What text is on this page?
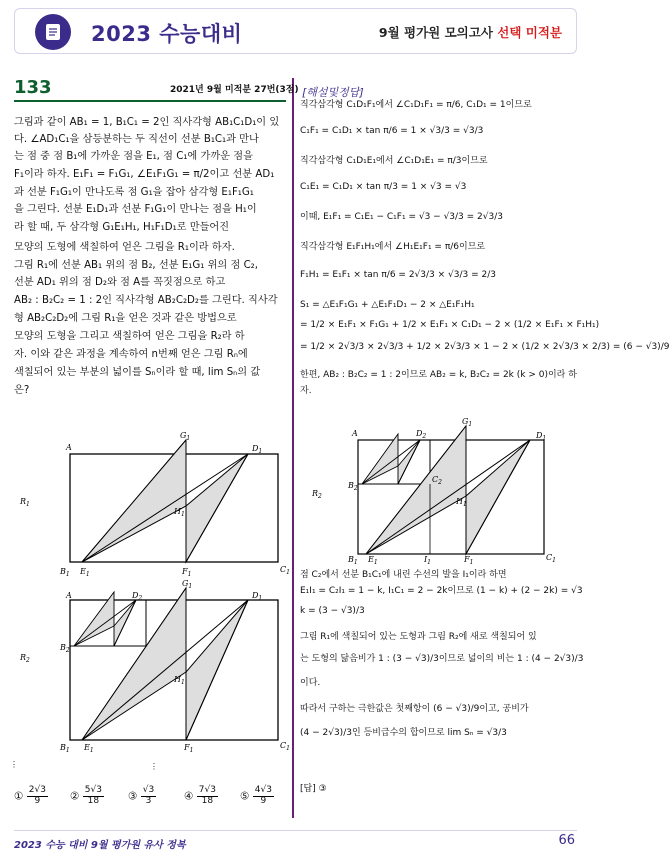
2023 수능대비	9월 평가원 모의고사 선택 미적분
133	2021년 9월 미적분 27번(3점)
그림과 같이 AB₁ = 1, B₁C₁ = 2인 직사각형 AB₁C₁D₁이 있
다. ∠AD₁C₁을 삼등분하는 두 직선이 선분 B₁C₁과 만나
는 점 중 점 B₁에 가까운 점을 E₁, 점 C₁에 가까운 점을
F₁이라 하자. E₁F₁ = F₁G₁, ∠E₁F₁G₁ = π/2이고 선분 AD₁
과 선분 F₁G₁이 만나도록 점 G₁을 잡아 삼각형 E₁F₁G₁
을 그린다. 선분 E₁D₁과 선분 F₁G₁이 만나는 점을 H₁이
라 할 때, 두 삼각형 G₁E₁H₁, H₁F₁D₁로 만들어진
모양의 도형에 색칠하여 얻은 그림을 R₁이라 하자.
그림 R₁에 선분 AB₁ 위의 점 B₂, 선분 E₁G₁ 위의 점 C₂,
선분 AD₁ 위의 점 D₂와 점 A를 꼭짓점으로 하고
AB₂ : B₂C₂ = 1 : 2인 직사각형 AB₂C₂D₂를 그린다. 직사각
형 AB₂C₂D₂에 그림 R₁을 얻은 것과 같은 방법으로
모양의 도형을 그리고 색칠하여 얻은 그림을 R₂라 하
자. 이와 같은 과정을 계속하여 n번째 얻은 그림 Rₙ에
색칠되어 있는 부분의 넓이를 Sₙ이라 할 때, lim Sₙ의 값
은?
A
$G_1$
$D_1$
$H_1$
$B_1$ $E_1$	$F_1$
$C_1$
$R_1$
A	$D_2$
$G_1$
$D_1$
$B_2$
$H_1$
$B_1$ $E_1$	$F_1$
$C_1$
$R_2$
⋮	⋮
① $\frac{2√3}{9}$ ② $\frac{5√3}{18}$ ③ $\frac{√3}{3}$	④ $\frac{7√3}{18}$ ⑤ $\frac{4√3}{9}$
[해설및정답]
직각삼각형 C₁D₁F₁에서 ∠C₁D₁F₁ = π/6, C₁D₁ = 1이므로
C₁F₁ = C₁D₁ × tan π/6 = 1 × √3/3 = √3/3
직각삼각형 C₁D₁E₁에서 ∠C₁D₁E₁ = π/3이므로
C₁E₁ = C₁D₁ × tan π/3 = 1 × √3 = √3
이때, E₁F₁ = C₁E₁ − C₁F₁ = √3 − √3/3 = 2√3/3
직각삼각형 E₁F₁H₁에서 ∠H₁E₁F₁ = π/6이므로
F₁H₁ = E₁F₁ × tan π/6 = 2√3/3 × √3/3 = 2/3
S₁ = △E₁F₁G₁ + △E₁F₁D₁ − 2 × △E₁F₁H₁
= 1/2 × E₁F₁ × F₁G₁ + 1/2 × E₁F₁ × C₁D₁ − 2 × (1/2 × E₁F₁ × F₁H₁)
= 1/2 × 2√3/3 × 2√3/3 + 1/2 × 2√3/3 × 1 − 2 × (1/2 × 2√3/3 × 2/3) = (6 − √3)/9
한편, AB₂ : B₂C₂ = 1 : 2이므로 AB₂ = k, B₂C₂ = 2k (k > 0)이라 하
자.
점 C₂에서 선분 B₁C₁에 내린 수선의 발을 I₁이라 하면
E₁I₁ = C₂I₁ = 1 − k, I₁C₁ = 2 − 2k이므로 (1 − k) + (2 − 2k) = √3
k = (3 − √3)/3
그림 R₁에 색칠되어 있는 도형과 그림 R₂에 새로 색칠되어 있
는 도형의 닮음비가 1 : (3 − √3)/3이므로 넓이의 비는 1 : (4 − 2√3)/3
이다.
따라서 구하는 극한값은 첫째항이 (6 − √3)/9이고, 공비가
(4 − 2√3)/3인 등비급수의 합이므로 lim Sₙ = √3/3
[답] ③
A	$D_2$
$G_1$
$D_1$
$B_2$
$C_2$
$H_1$
$B_1$ $E_1$	$I_1$	$F_1$
$C_1$
$R_2$
2023 수능 대비 9월 평가원 유사 정복	66
